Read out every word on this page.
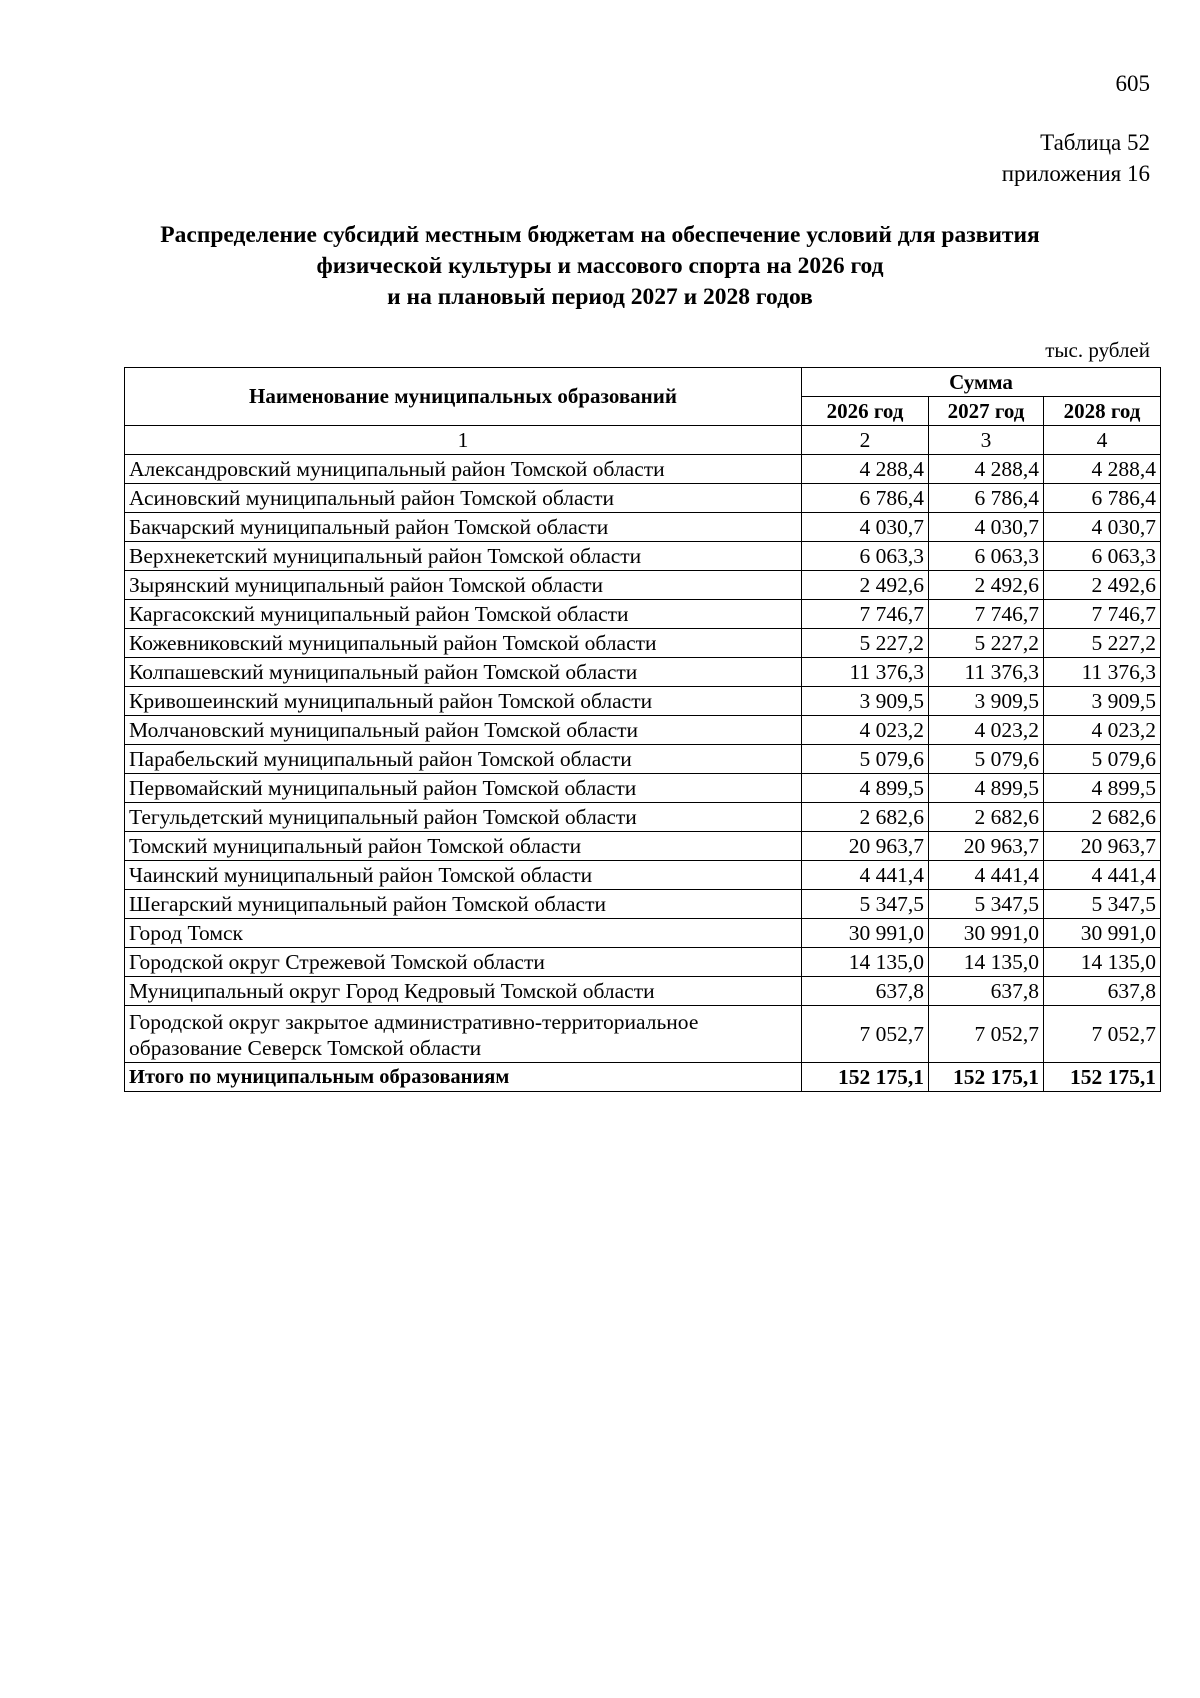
605
Таблица 52
приложения 16
Распределение субсидий местным бюджетам на обеспечение условий для развития
физической культуры и массового спорта на 2026 год
и на плановый период 2027 и 2028 годов
тыс. рублей
Наименование муниципальных образований	Сумма		
	2026 год	2027 год	2028 год
1	2	3	4
Александровский муниципальный район Томской области	4 288,4	4 288,4	4 288,4
Асиновский муниципальный район Томской области	6 786,4	6 786,4	6 786,4
Бакчарский муниципальный район Томской области	4 030,7	4 030,7	4 030,7
Верхнекетский муниципальный район Томской области	6 063,3	6 063,3	6 063,3
Зырянский муниципальный район Томской области	2 492,6	2 492,6	2 492,6
Каргасокский муниципальный район Томской области	7 746,7	7 746,7	7 746,7
Кожевниковский муниципальный район Томской области	5 227,2	5 227,2	5 227,2
Колпашевский муниципальный район Томской области	11 376,3	11 376,3	11 376,3
Кривошеинский муниципальный район Томской области	3 909,5	3 909,5	3 909,5
Молчановский муниципальный район Томской области	4 023,2	4 023,2	4 023,2
Парабельский муниципальный район Томской области	5 079,6	5 079,6	5 079,6
Первомайский муниципальный район Томской области	4 899,5	4 899,5	4 899,5
Тегульдетский муниципальный район Томской области	2 682,6	2 682,6	2 682,6
Томский муниципальный район Томской области	20 963,7	20 963,7	20 963,7
Чаинский муниципальный район Томской области	4 441,4	4 441,4	4 441,4
Шегарский муниципальный район Томской области	5 347,5	5 347,5	5 347,5
Город Томск	30 991,0	30 991,0	30 991,0
Городской округ Стрежевой Томской области	14 135,0	14 135,0	14 135,0
Муниципальный округ Город Кедровый Томской области	637,8	637,8	637,8
Городской округ закрытое административно-территориальное образование Северск Томской области	7 052,7	7 052,7	7 052,7
Итого по муниципальным образованиям	152 175,1	152 175,1	152 175,1
